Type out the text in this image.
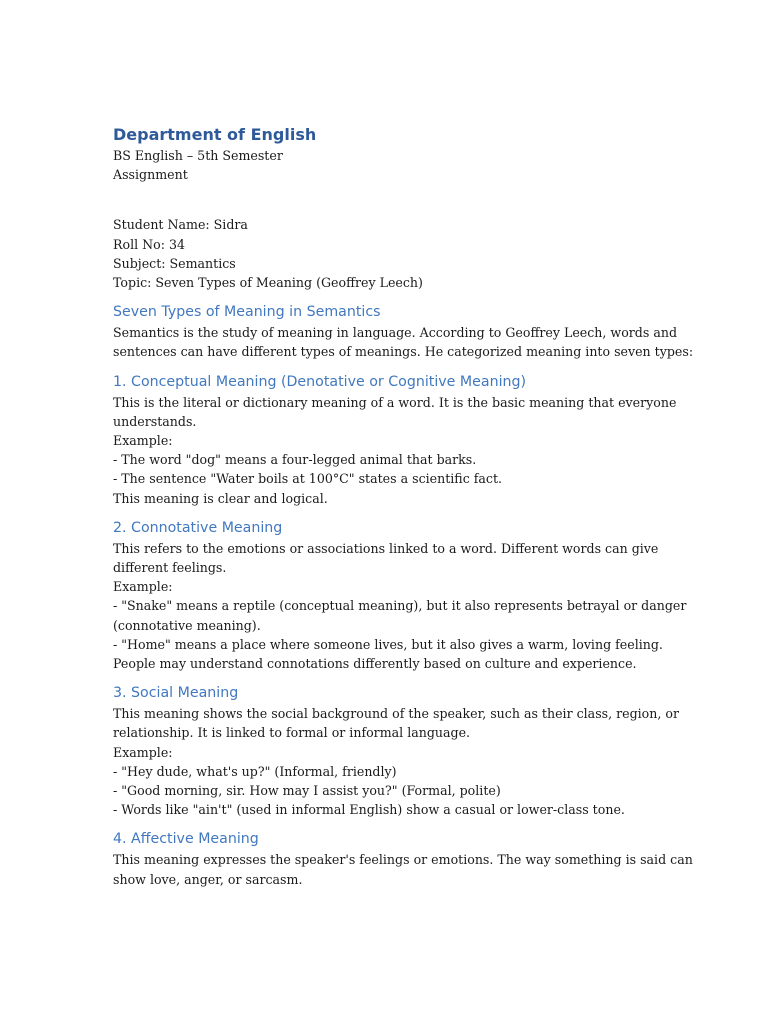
Department of English
BS English – 5th Semester
Assignment
Student Name: Sidra
Roll No: 34
Subject: Semantics
Topic: Seven Types of Meaning (Geoffrey Leech)
Seven Types of Meaning in Semantics
Semantics is the study of meaning in language. According to Geoffrey Leech, words and
sentences can have different types of meanings. He categorized meaning into seven types:
1. Conceptual Meaning (Denotative or Cognitive Meaning)
This is the literal or dictionary meaning of a word. It is the basic meaning that everyone
understands.
Example:
- The word "dog" means a four-legged animal that barks.
- The sentence "Water boils at 100°C" states a scientific fact.
This meaning is clear and logical.
2. Connotative Meaning
This refers to the emotions or associations linked to a word. Different words can give
different feelings.
Example:
- "Snake" means a reptile (conceptual meaning), but it also represents betrayal or danger
(connotative meaning).
- "Home" means a place where someone lives, but it also gives a warm, loving feeling.
People may understand connotations differently based on culture and experience.
3. Social Meaning
This meaning shows the social background of the speaker, such as their class, region, or
relationship. It is linked to formal or informal language.
Example:
- "Hey dude, what's up?" (Informal, friendly)
- "Good morning, sir. How may I assist you?" (Formal, polite)
- Words like "ain't" (used in informal English) show a casual or lower-class tone.
4. Affective Meaning
This meaning expresses the speaker's feelings or emotions. The way something is said can
show love, anger, or sarcasm.
